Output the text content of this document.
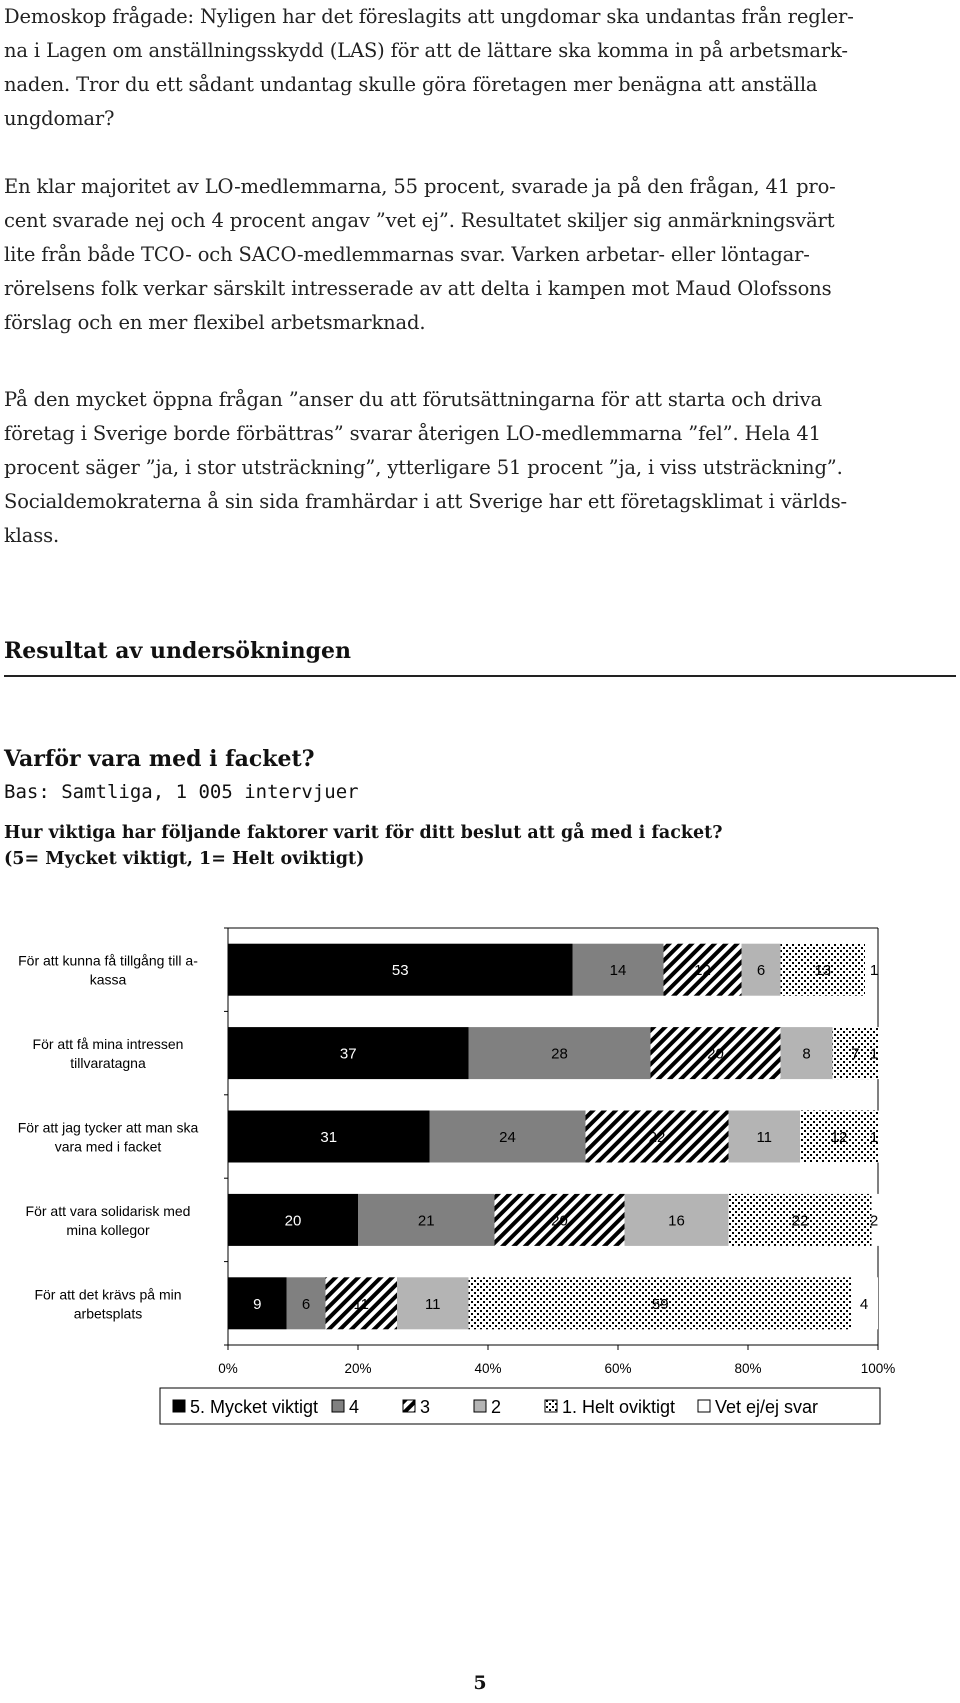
Demoskop frågade: Nyligen har det föreslagits att ungdomar ska undantas från regler-
na i Lagen om anställningsskydd (LAS) för att de lättare ska komma in på arbetsmark-
naden. Tror du ett sådant undantag skulle göra företagen mer benägna att anställa
ungdomar?

En klar majoritet av LO-medlemmarna, 55 procent, svarade ja på den frågan, 41 pro-
cent svarade nej och 4 procent angav ”vet ej”. Resultatet skiljer sig anmärkningsvärt
lite från både TCO- och SACO-medlemmarnas svar. Varken arbetar- eller löntagar-
rörelsens folk verkar särskilt intresserade av att delta i kampen mot Maud Olofssons
förslag och en mer flexibel arbetsmarknad.

På den mycket öppna frågan ”anser du att förutsättningarna för att starta och driva
företag i Sverige borde förbättras” svarar återigen LO-medlemmarna ”fel”. Hela 41
procent säger ”ja, i stor utsträckning”, ytterligare 51 procent ”ja, i viss utsträckning”.
Socialdemokraterna å sin sida framhärdar i att Sverige har ett företagsklimat i världs-
klass.

Resultat av undersökningen
Varför vara med i facket?

Bas: Samtliga, 1 005 intervjuer

Hur viktiga har följande faktorer varit för ditt beslut att gå med i facket?

(5= Mycket viktigt, 1= Helt oviktigt)

För att kunna få tillgång till a-kassa
För att få mina intressen tillvaratagna
För att jag tycker att man ska vara med i facket
För att vara solidarisk med mina kollegor
För att det krävs på min arbetsplats
53	14	12	6	13	1
37	28	20	8	7 1
31	24	22	11	12 1
20	21	20	16	22	2
9	6	11	11	59	4
0%	20%	40%	60%	80%	100%
5. Mycket viktigt 4	3	2	1. Helt oviktigt Vet ej/ej svar
5
